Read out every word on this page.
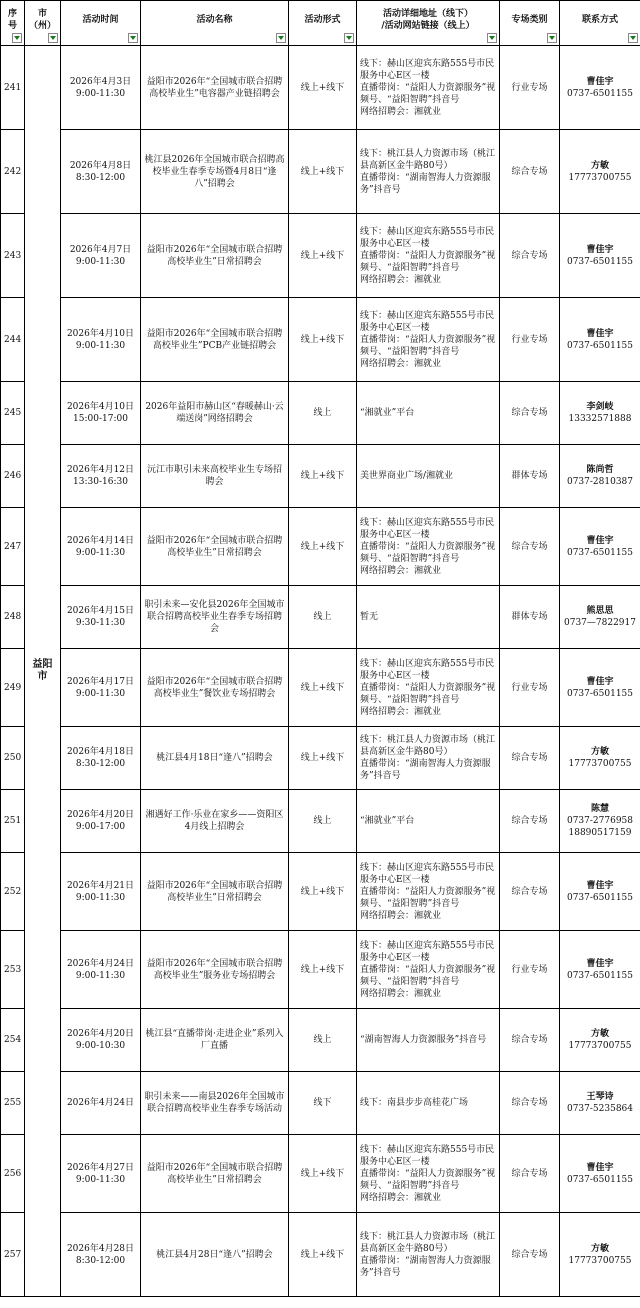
序号	市（州）	活动时间	活动名称	活动形式	活动详细地址（线下）
/活动网站链接（线上）	专场类别	联系方式

241	益阳市	2026年4月3日
9:00-11:30	益阳市2026年“全国城市联合招聘高校毕业生”电容器产业链招聘会	线上+线下	线下：赫山区迎宾东路555号市民服务中心E区一楼
直播带岗：“益阳人力资源服务”视频号、“益阳智聘”抖音号
网络招聘会：湘就业	行业专场	曹佳宇
0737-6501155

242		2026年4月8日
8:30-12:00	桃江县2026年全国城市联合招聘高校毕业生春季专场暨4月8日“逢八”招聘会	线上+线下	线下：桃江县人力资源市场（桃江县高新区金牛路80号）
直播带岗：“湖南智海人力资源服务”抖音号	综合专场	方敏
17773700755

243		2026年4月7日
9:00-11:30	益阳市2026年“全国城市联合招聘高校毕业生”日常招聘会	线上+线下	线下：赫山区迎宾东路555号市民服务中心E区一楼
直播带岗：“益阳人力资源服务”视频号、“益阳智聘”抖音号
网络招聘会：湘就业	综合专场	曹佳宇
0737-6501155

244		2026年4月10日
9:00-11:30	益阳市2026年“全国城市联合招聘高校毕业生”PCB产业链招聘会	线上+线下	线下：赫山区迎宾东路555号市民服务中心E区一楼
直播带岗：“益阳人力资源服务”视频号、“益阳智聘”抖音号
网络招聘会：湘就业	行业专场	曹佳宇
0737-6501155

245		2026年4月10日
15:00-17:00	2026年益阳市赫山区“春暖赫山·云端送岗”网络招聘会	线上	“湘就业”平台	综合专场	李剑岐
13332571888

246		2026年4月12日
13:30-16:30	沅江市职引未来高校毕业生专场招聘会	线上+线下	美世界商业广场/湘就业	群体专场	陈尚哲
0737-2810387

247		2026年4月14日
9:00-11:30	益阳市2026年“全国城市联合招聘高校毕业生”日常招聘会	线上+线下	线下：赫山区迎宾东路555号市民服务中心E区一楼
直播带岗：“益阳人力资源服务”视频号、“益阳智聘”抖音号
网络招聘会：湘就业	综合专场	曹佳宇
0737-6501155

248		2026年4月15日
9:30-11:30	职引未来—安化县2026年全国城市联合招聘高校毕业生春季专场招聘会	线上	暂无	群体专场	熊思思
0737—7822917

249		2026年4月17日
9:00-11:30	益阳市2026年“全国城市联合招聘高校毕业生”餐饮业专场招聘会	线上+线下	线下：赫山区迎宾东路555号市民服务中心E区一楼
直播带岗：“益阳人力资源服务”视频号、“益阳智聘”抖音号
网络招聘会：湘就业	行业专场	曹佳宇
0737-6501155

250		2026年4月18日
8:30-12:00	桃江县4月18日“逢八”招聘会	线上+线下	线下：桃江县人力资源市场（桃江县高新区金牛路80号）
直播带岗：“湖南智海人力资源服务”抖音号	综合专场	方敏
17773700755

251		2026年4月20日
9:00-17:00	湘遇好工作·乐业在家乡——资阳区4月线上招聘会	线上	“湘就业”平台	综合专场	陈慧
0737-2776958
18890517159

252		2026年4月21日
9:00-11:30	益阳市2026年“全国城市联合招聘高校毕业生”日常招聘会	线上+线下	线下：赫山区迎宾东路555号市民服务中心E区一楼
直播带岗：“益阳人力资源服务”视频号、“益阳智聘”抖音号
网络招聘会：湘就业	综合专场	曹佳宇
0737-6501155

253		2026年4月24日
9:00-11:30	益阳市2026年“全国城市联合招聘高校毕业生”服务业专场招聘会	线上+线下	线下：赫山区迎宾东路555号市民服务中心E区一楼
直播带岗：“益阳人力资源服务”视频号、“益阳智聘”抖音号
网络招聘会：湘就业	行业专场	曹佳宇
0737-6501155

254		2026年4月20日
9:00-10:30	桃江县“直播带岗·走进企业”系列入厂直播	线上	“湖南智海人力资源服务”抖音号	综合专场	方敏
17773700755

255		2026年4月24日	职引未来——南县2026年全国城市联合招聘高校毕业生春季专场活动	线下	线下：南县步步高桂花广场	综合专场	王琴诗
0737-5235864

256		2026年4月27日
9:00-11:30	益阳市2026年“全国城市联合招聘高校毕业生”日常招聘会	线上+线下	线下：赫山区迎宾东路555号市民服务中心E区一楼
直播带岗：“益阳人力资源服务”视频号、“益阳智聘”抖音号
网络招聘会：湘就业	综合专场	曹佳宇
0737-6501155

257		2026年4月28日
8:30-12:00	桃江县4月28日“逢八”招聘会	线上+线下	线下：桃江县人力资源市场（桃江县高新区金牛路80号）
直播带岗：“湖南智海人力资源服务”抖音号	综合专场	方敏
17773700755
